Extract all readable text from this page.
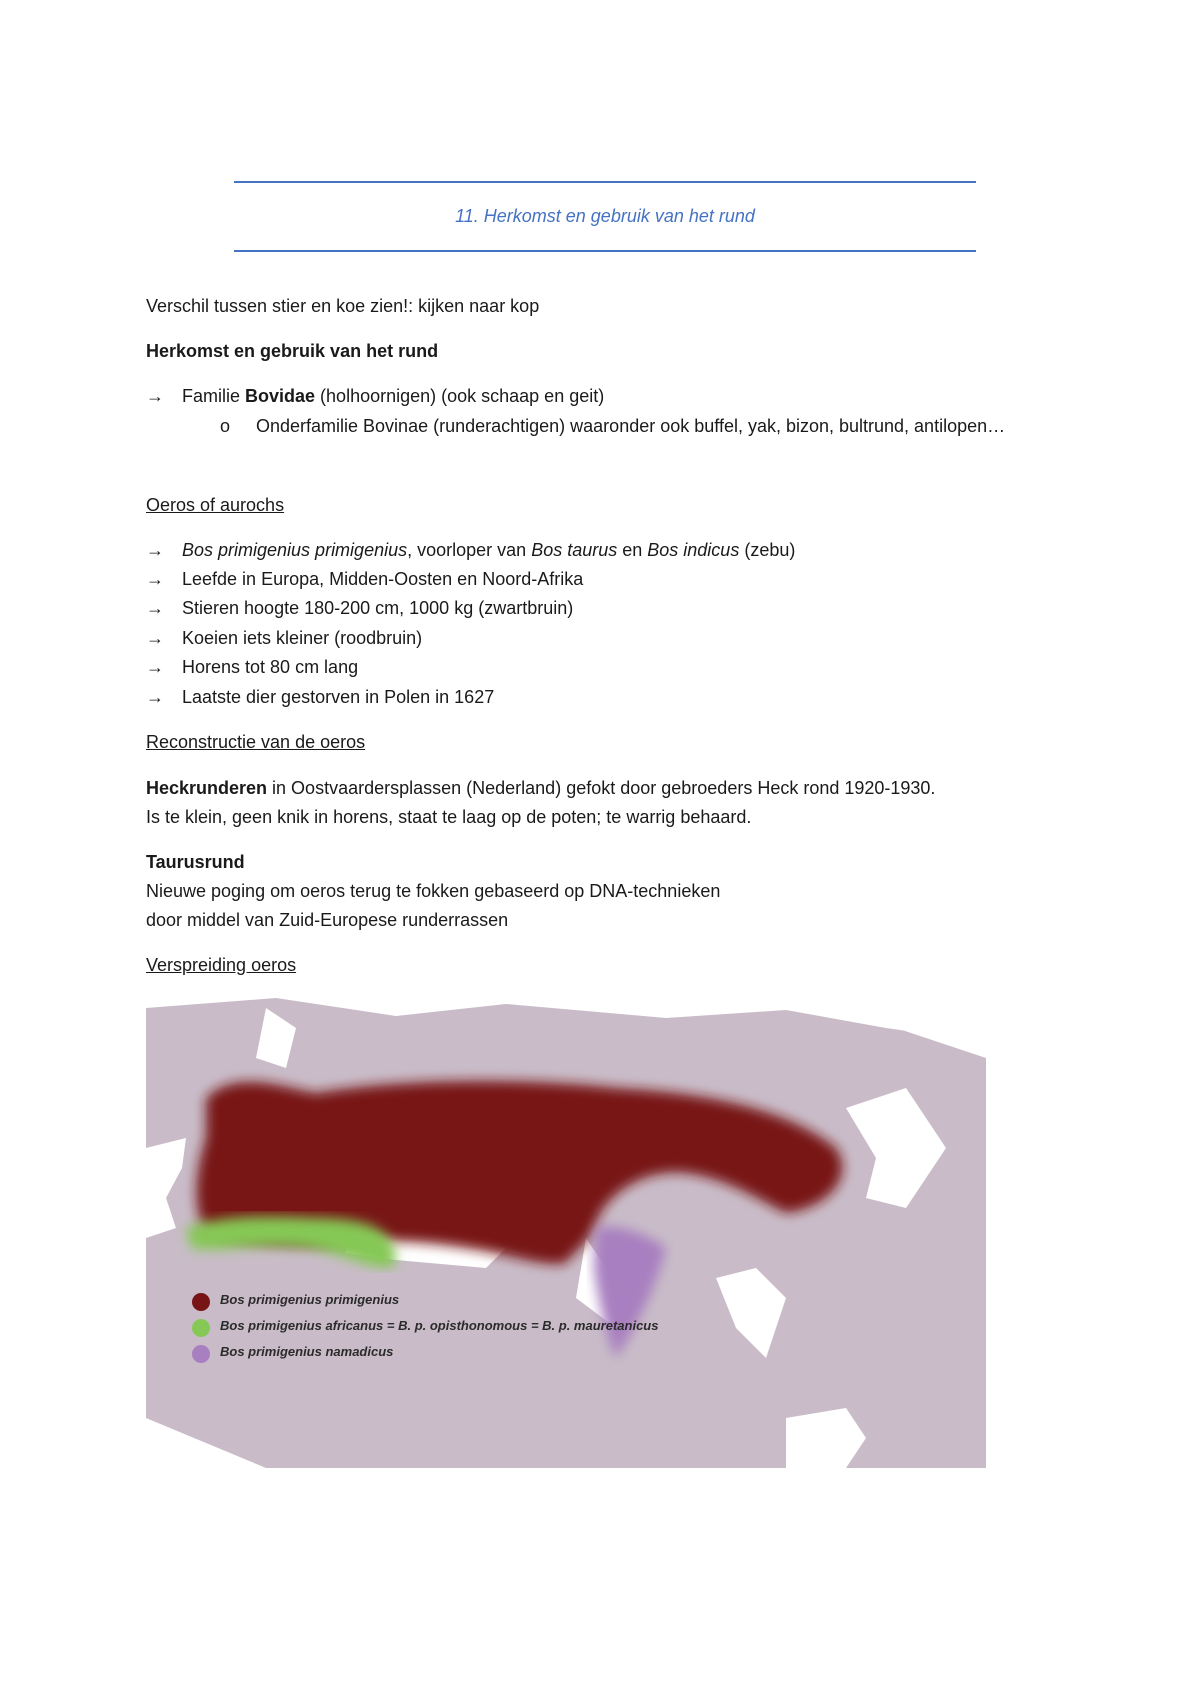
11. Herkomst en gebruik van het rund
Verschil tussen stier en koe zien!: kijken naar kop
Herkomst en gebruik van het rund
→ Familie Bovidae (holhoornigen) (ook schaap en geit)
o Onderfamilie Bovinae (runderachtigen) waaronder ook buffel, yak, bizon, bultrund, antilopen…
Oeros of aurochs
→ Bos primigenius primigenius, voorloper van Bos taurus en Bos indicus (zebu)
→ Leefde in Europa, Midden-Oosten en Noord-Afrika
→ Stieren hoogte 180-200 cm, 1000 kg (zwartbruin)
→ Koeien iets kleiner (roodbruin)
→ Horens tot 80 cm lang
→ Laatste dier gestorven in Polen in 1627
Reconstructie van de oeros
Heckrunderen in Oostvaardersplassen (Nederland) gefokt door gebroeders Heck rond 1920-1930.
Is te klein, geen knik in horens, staat te laag op de poten; te warrig behaard.
Taurusrund
Nieuwe poging om oeros terug te fokken gebaseerd op DNA-technieken
door middel van Zuid-Europese runderrassen
Verspreiding oeros
Bos primigenius primigenius
Bos primigenius africanus = B. p. opisthonomous = B. p. mauretanicus
Bos primigenius namadicus
